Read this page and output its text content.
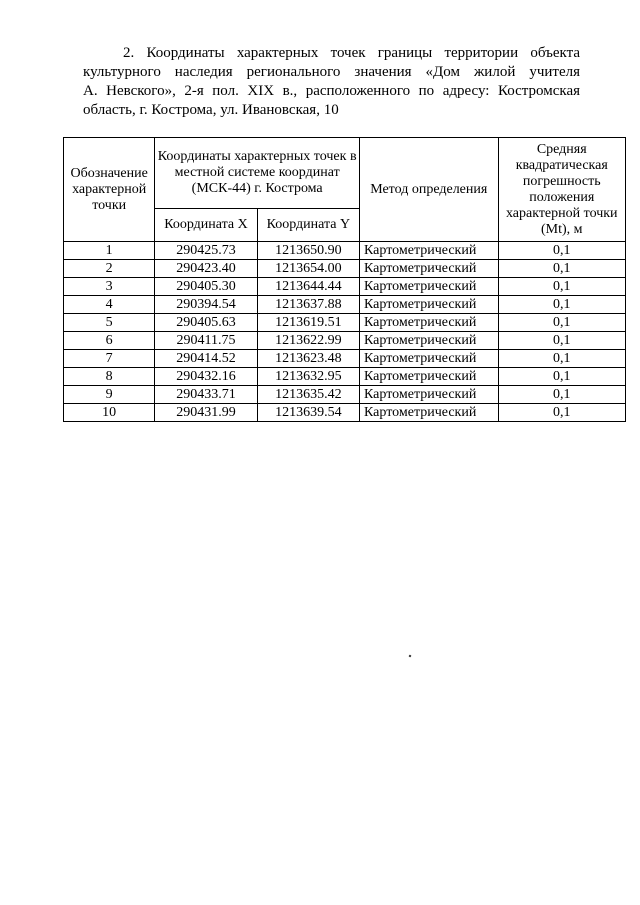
2. Координаты характерных точек границы территории объекта
культурного наследия регионального значения «Дом жилой учителя
А. Невского», 2-я пол. XIX в., расположенного по адресу: Костромская
область, г. Кострома, ул. Ивановская, 10
Обозначение характерной точки	Координаты характерных точек в местной системе координат (МСК-44) г. Кострома		Метод определения	Средняя квадратическая погрешность положения характерной точки (Mt), м
	Координата X	Координата Y		
1	290425.73	1213650.90	Картометрический	0,1
2	290423.40	1213654.00	Картометрический	0,1
3	290405.30	1213644.44	Картометрический	0,1
4	290394.54	1213637.88	Картометрический	0,1
5	290405.63	1213619.51	Картометрический	0,1
6	290411.75	1213622.99	Картометрический	0,1
7	290414.52	1213623.48	Картометрический	0,1
8	290432.16	1213632.95	Картометрический	0,1
9	290433.71	1213635.42	Картометрический	0,1
10	290431.99	1213639.54	Картометрический	0,1
